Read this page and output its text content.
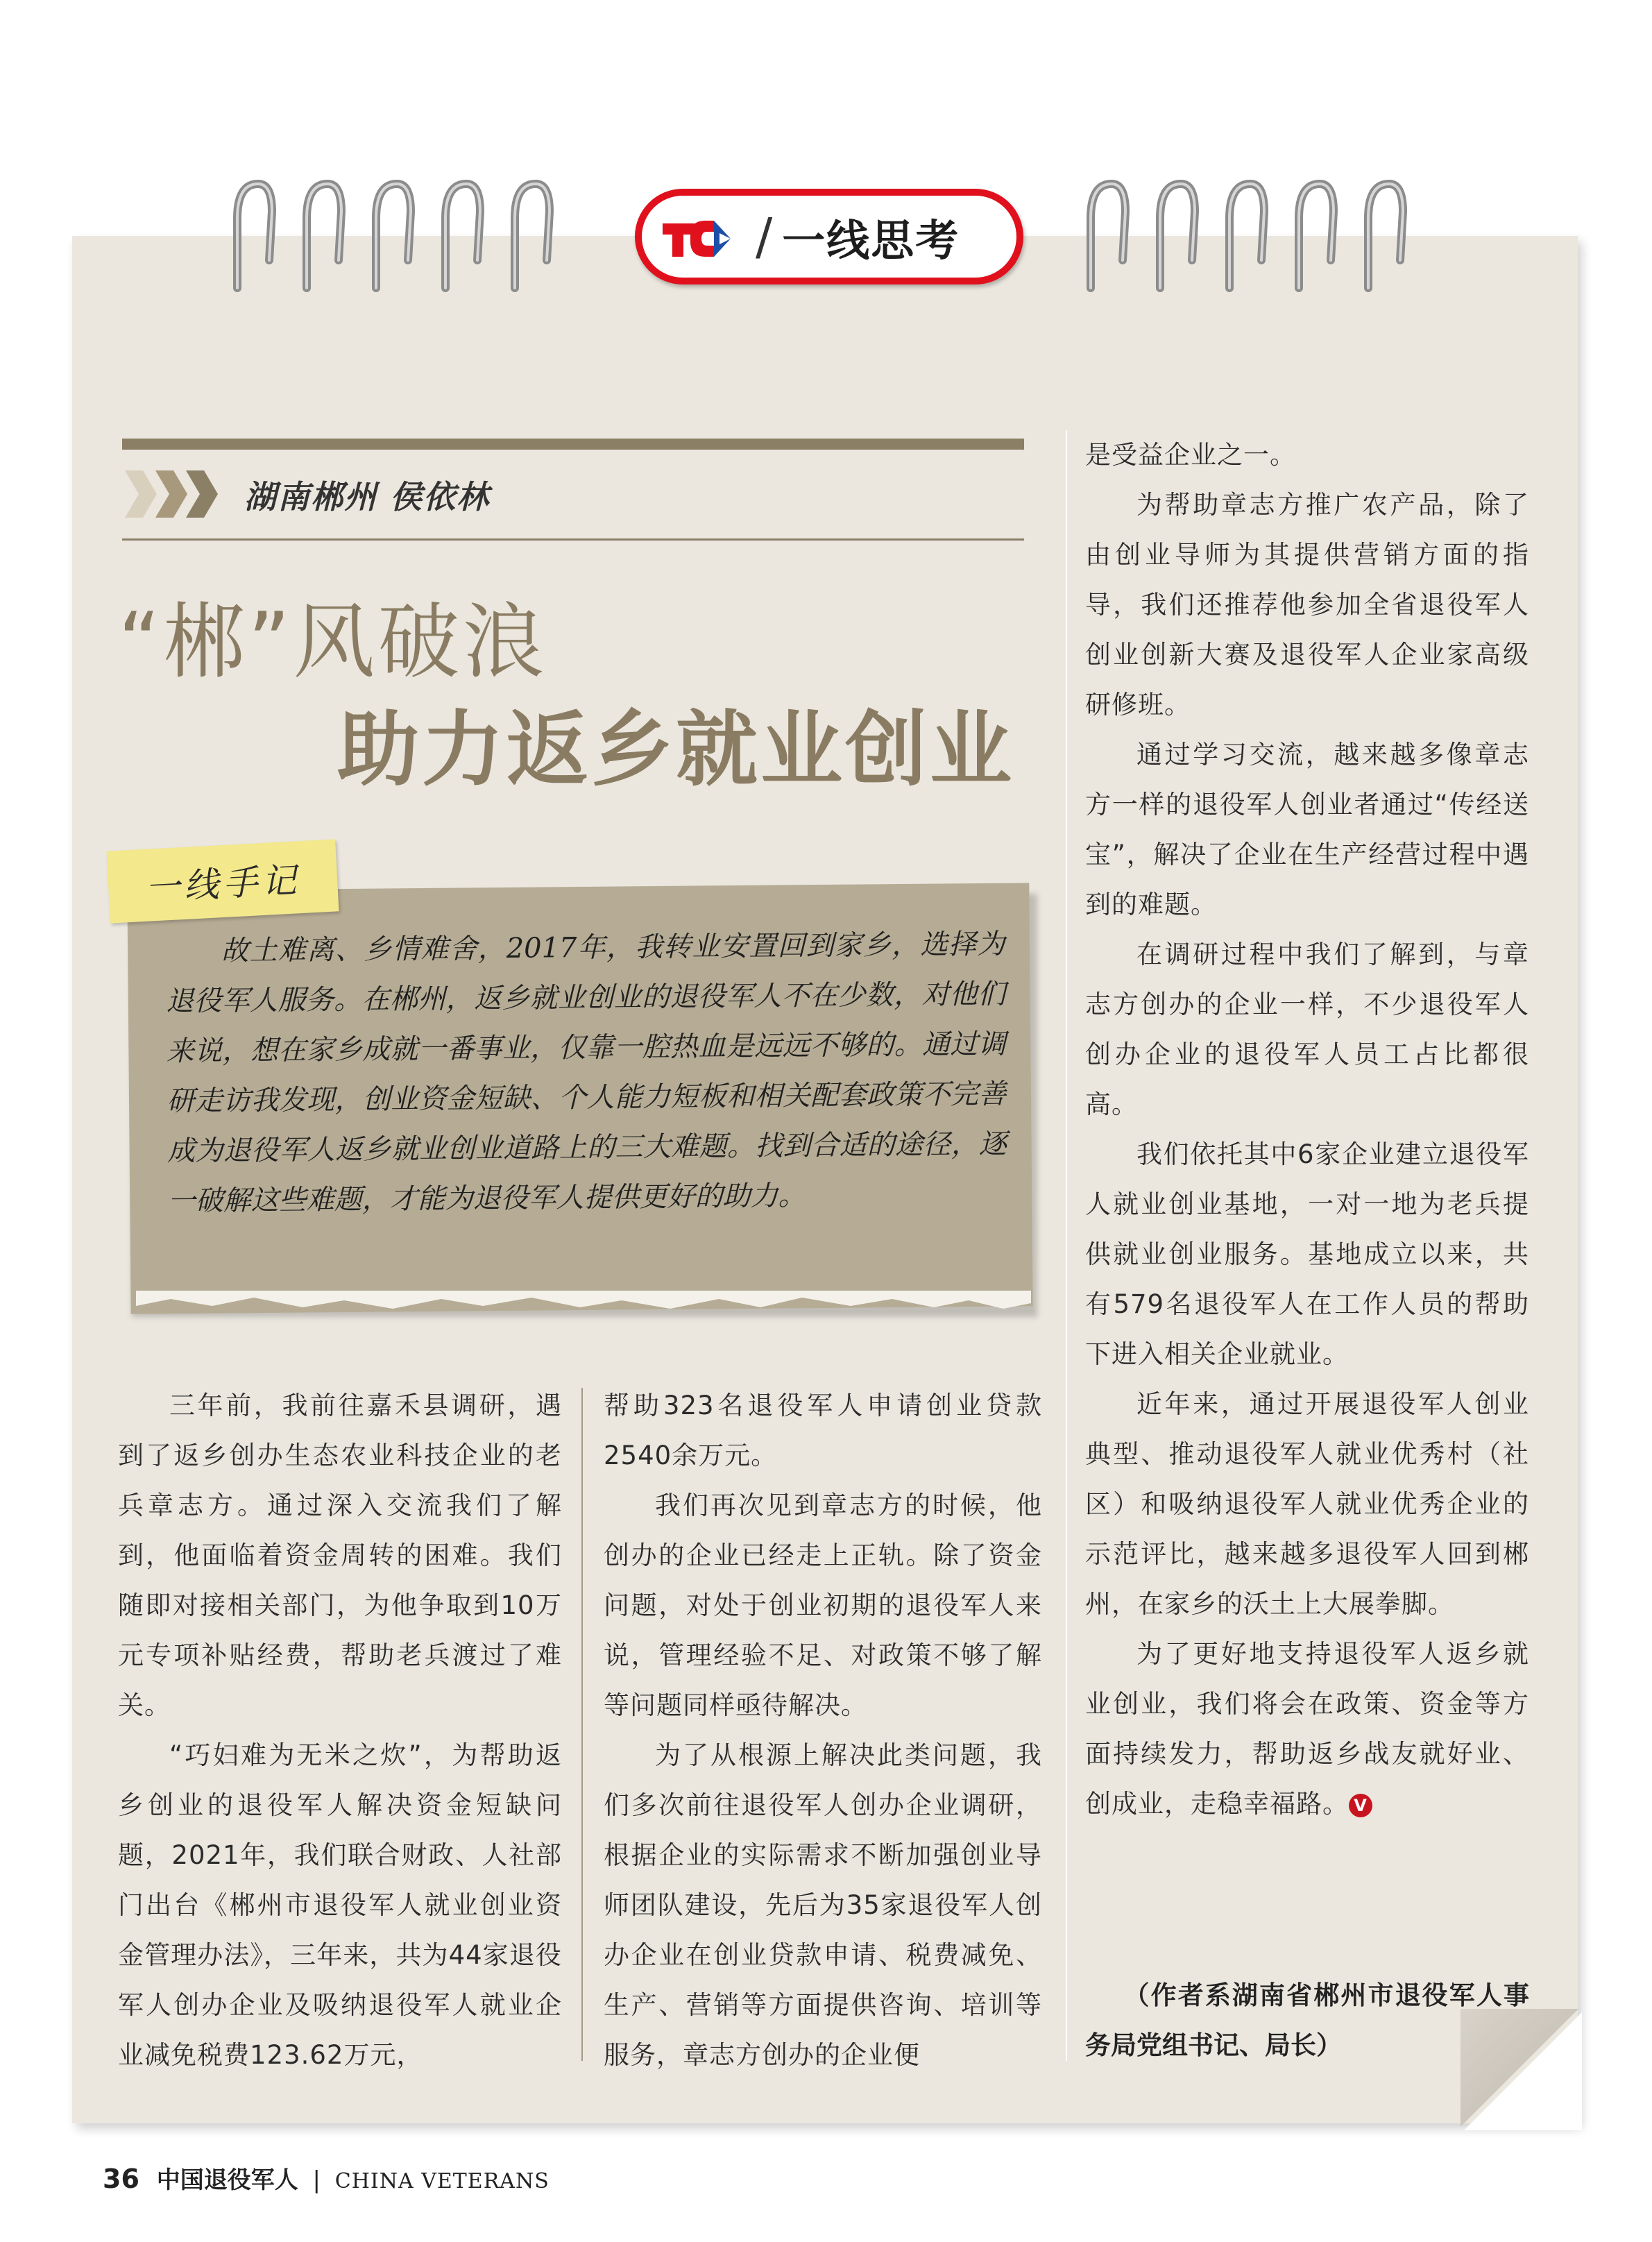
/ 一线思考
湖南郴州 侯依林
“郴”风破浪
助力返乡就业创业
一线手记
故土难离、乡情难舍，2017年，我转业安置回到家乡，选择为退役军人服务。在郴州，返乡就业创业的退役军人不在少数，对他们来说，想在家乡成就一番事业，仅靠一腔热血是远远不够的。通过调研走访我发现，创业资金短缺、个人能力短板和相关配套政策不完善成为退役军人返乡就业创业道路上的三大难题。找到合适的途径，逐一破解这些难题，才能为退役军人提供更好的助力。

三年前，我前往嘉禾县调研，遇到了返乡创办生态农业科技企业的老兵章志方。通过深入交流我们了解到，他面临着资金周转的困难。我们随即对接相关部门，为他争取到10万元专项补贴经费，帮助老兵渡过了难关。

“巧妇难为无米之炊”，为帮助返乡创业的退役军人解决资金短缺问题，2021年，我们联合财政、人社部门出台《郴州市退役军人就业创业资金管理办法》，三年来，共为44家退役军人创办企业及吸纳退役军人就业企业减免税费123.62万元，

帮助323名退役军人申请创业贷款2540余万元。

我们再次见到章志方的时候，他创办的企业已经走上正轨。除了资金问题，对处于创业初期的退役军人来说，管理经验不足、对政策不够了解等问题同样亟待解决。

为了从根源上解决此类问题，我们多次前往退役军人创办企业调研，根据企业的实际需求不断加强创业导师团队建设，先后为35家退役军人创办企业在创业贷款申请、税费减免、生产、营销等方面提供咨询、培训等服务，章志方创办的企业便

是受益企业之一。

为帮助章志方推广农产品，除了由创业导师为其提供营销方面的指导，我们还推荐他参加全省退役军人创业创新大赛及退役军人企业家高级研修班。

通过学习交流，越来越多像章志方一样的退役军人创业者通过“传经送宝”，解决了企业在生产经营过程中遇到的难题。

在调研过程中我们了解到，与章志方创办的企业一样，不少退役军人创办企业的退役军人员工占比都很高。

我们依托其中6家企业建立退役军人就业创业基地，一对一地为老兵提供就业创业服务。基地成立以来，共有579名退役军人在工作人员的帮助下进入相关企业就业。

近年来，通过开展退役军人创业典型、推动退役军人就业优秀村（社区）和吸纳退役军人就业优秀企业的示范评比，越来越多退役军人回到郴州，在家乡的沃土上大展拳脚。

为了更好地支持退役军人返乡就业创业，我们将会在政策、资金等方面持续发力，帮助返乡战友就好业、创成业，走稳幸福路。 V

（作者系湖南省郴州市退役军人事务局党组书记、局长）
36 中国退役军人 | CHINA VETERANS
